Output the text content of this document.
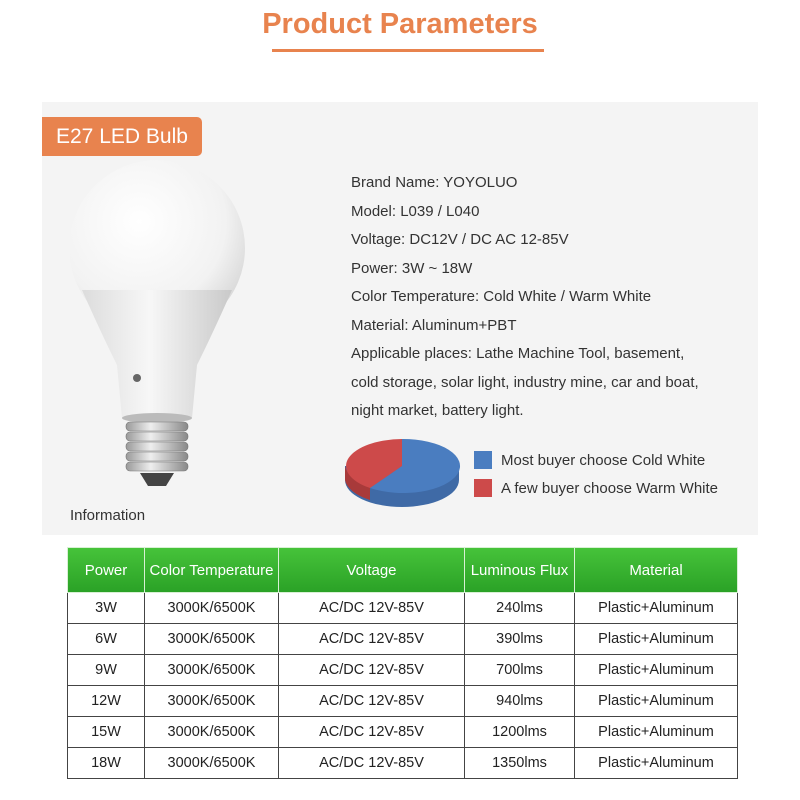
Product Parameters
E27 LED Bulb
Brand Name: YOYOLUO
Model: L039 / L040
Voltage: DC12V / DC AC 12-85V
Power: 3W ~ 18W
Color Temperature: Cold White / Warm White
Material: Aluminum+PBT
Applicable places: Lathe Machine Tool, basement,
cold storage, solar light, industry mine, car and boat,
night market, battery light.
Most buyer choose Cold White
A few buyer choose Warm White
Information
Power	Color Temperature	Voltage	Luminous Flux	Material
3W	3000K/6500K	AC/DC 12V-85V	240lms	Plastic+Aluminum
6W	3000K/6500K	AC/DC 12V-85V	390lms	Plastic+Aluminum
9W	3000K/6500K	AC/DC 12V-85V	700lms	Plastic+Aluminum
12W	3000K/6500K	AC/DC 12V-85V	940lms	Plastic+Aluminum
15W	3000K/6500K	AC/DC 12V-85V	1200lms	Plastic+Aluminum
18W	3000K/6500K	AC/DC 12V-85V	1350lms	Plastic+Aluminum
